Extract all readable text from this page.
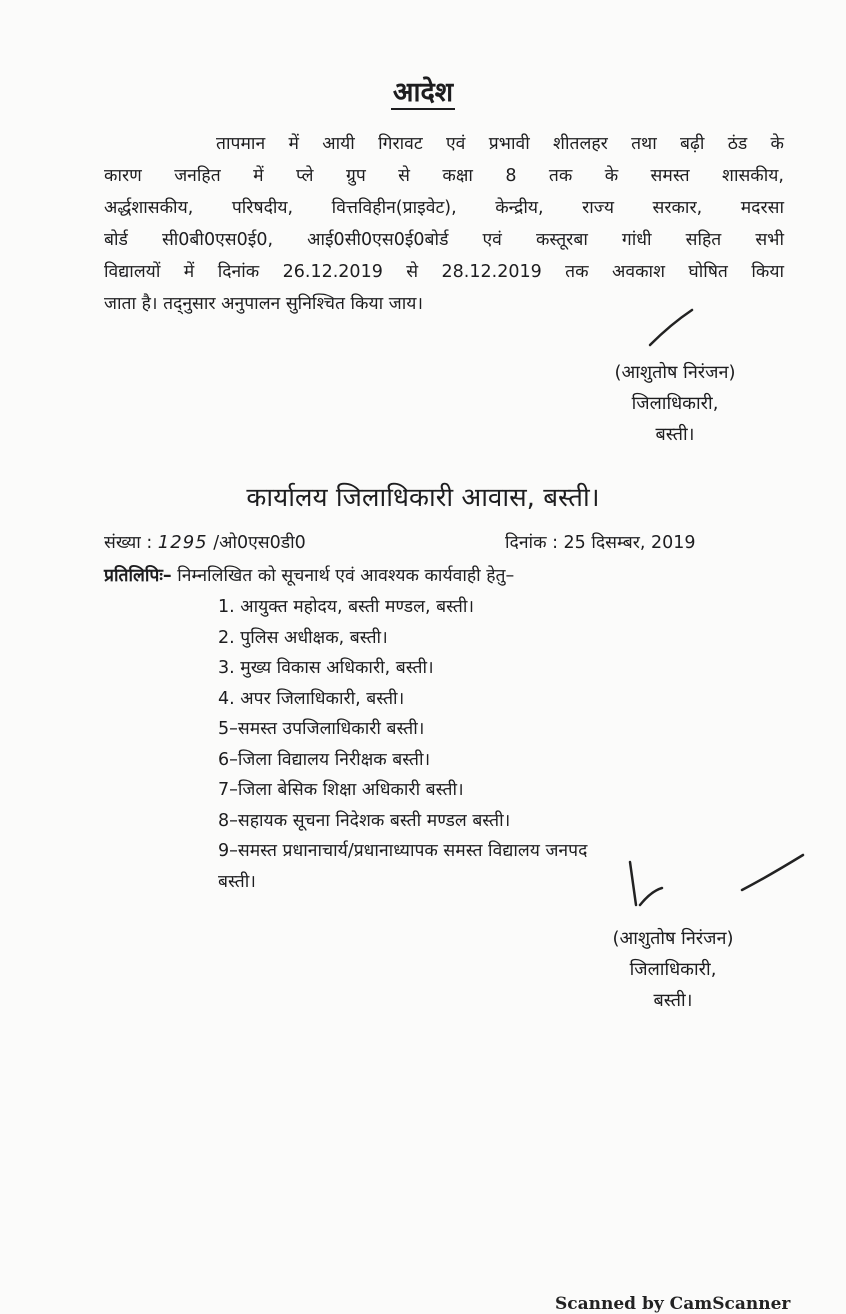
आदेश
तापमान में आयी गिरावट एवं प्रभावी शीतलहर तथा बढ़ी ठंड के
कारण जनहित में प्ले ग्रुप से कक्षा 8 तक के समस्त शासकीय,
अर्द्धशासकीय, परिषदीय, वित्तविहीन(प्राइवेट), केन्द्रीय, राज्य सरकार, मदरसा
बोर्ड सी0बी0एस0ई0, आई0सी0एस0ई0बोर्ड एवं कस्तूरबा गांधी सहित सभी
विद्यालयों में दिनांक 26.12.2019 से 28.12.2019 तक अवकाश घोषित किया
जाता है। तद्नुसार अनुपालन सुनिश्चित किया जाय।
(आशुतोष निरंजन)
जिलाधिकारी,
बस्ती।
कार्यालय जिलाधिकारी आवास, बस्ती।
संख्या : 1295 /ओ0एस0डी0	दिनांक : 25 दिसम्बर, 2019
प्रतिलिपिः– निम्नलिखित को सूचनार्थ एवं आवश्यक कार्यवाही हेतु–
1. आयुक्त महोदय, बस्ती मण्डल, बस्ती।
2. पुलिस अधीक्षक, बस्ती।
3. मुख्य विकास अधिकारी, बस्ती।
4. अपर जिलाधिकारी, बस्ती।
5–समस्त उपजिलाधिकारी बस्ती।
6–जिला विद्यालय निरीक्षक बस्ती।
7–जिला बेसिक शिक्षा अधिकारी बस्ती।
8–सहायक सूचना निदेशक बस्ती मण्डल बस्ती।
9–समस्त प्रधानाचार्य/प्रधानाध्यापक समस्त विद्यालय जनपद
बस्ती।
(आशुतोष निरंजन)
जिलाधिकारी,
बस्ती।
Scanned by CamScanner
